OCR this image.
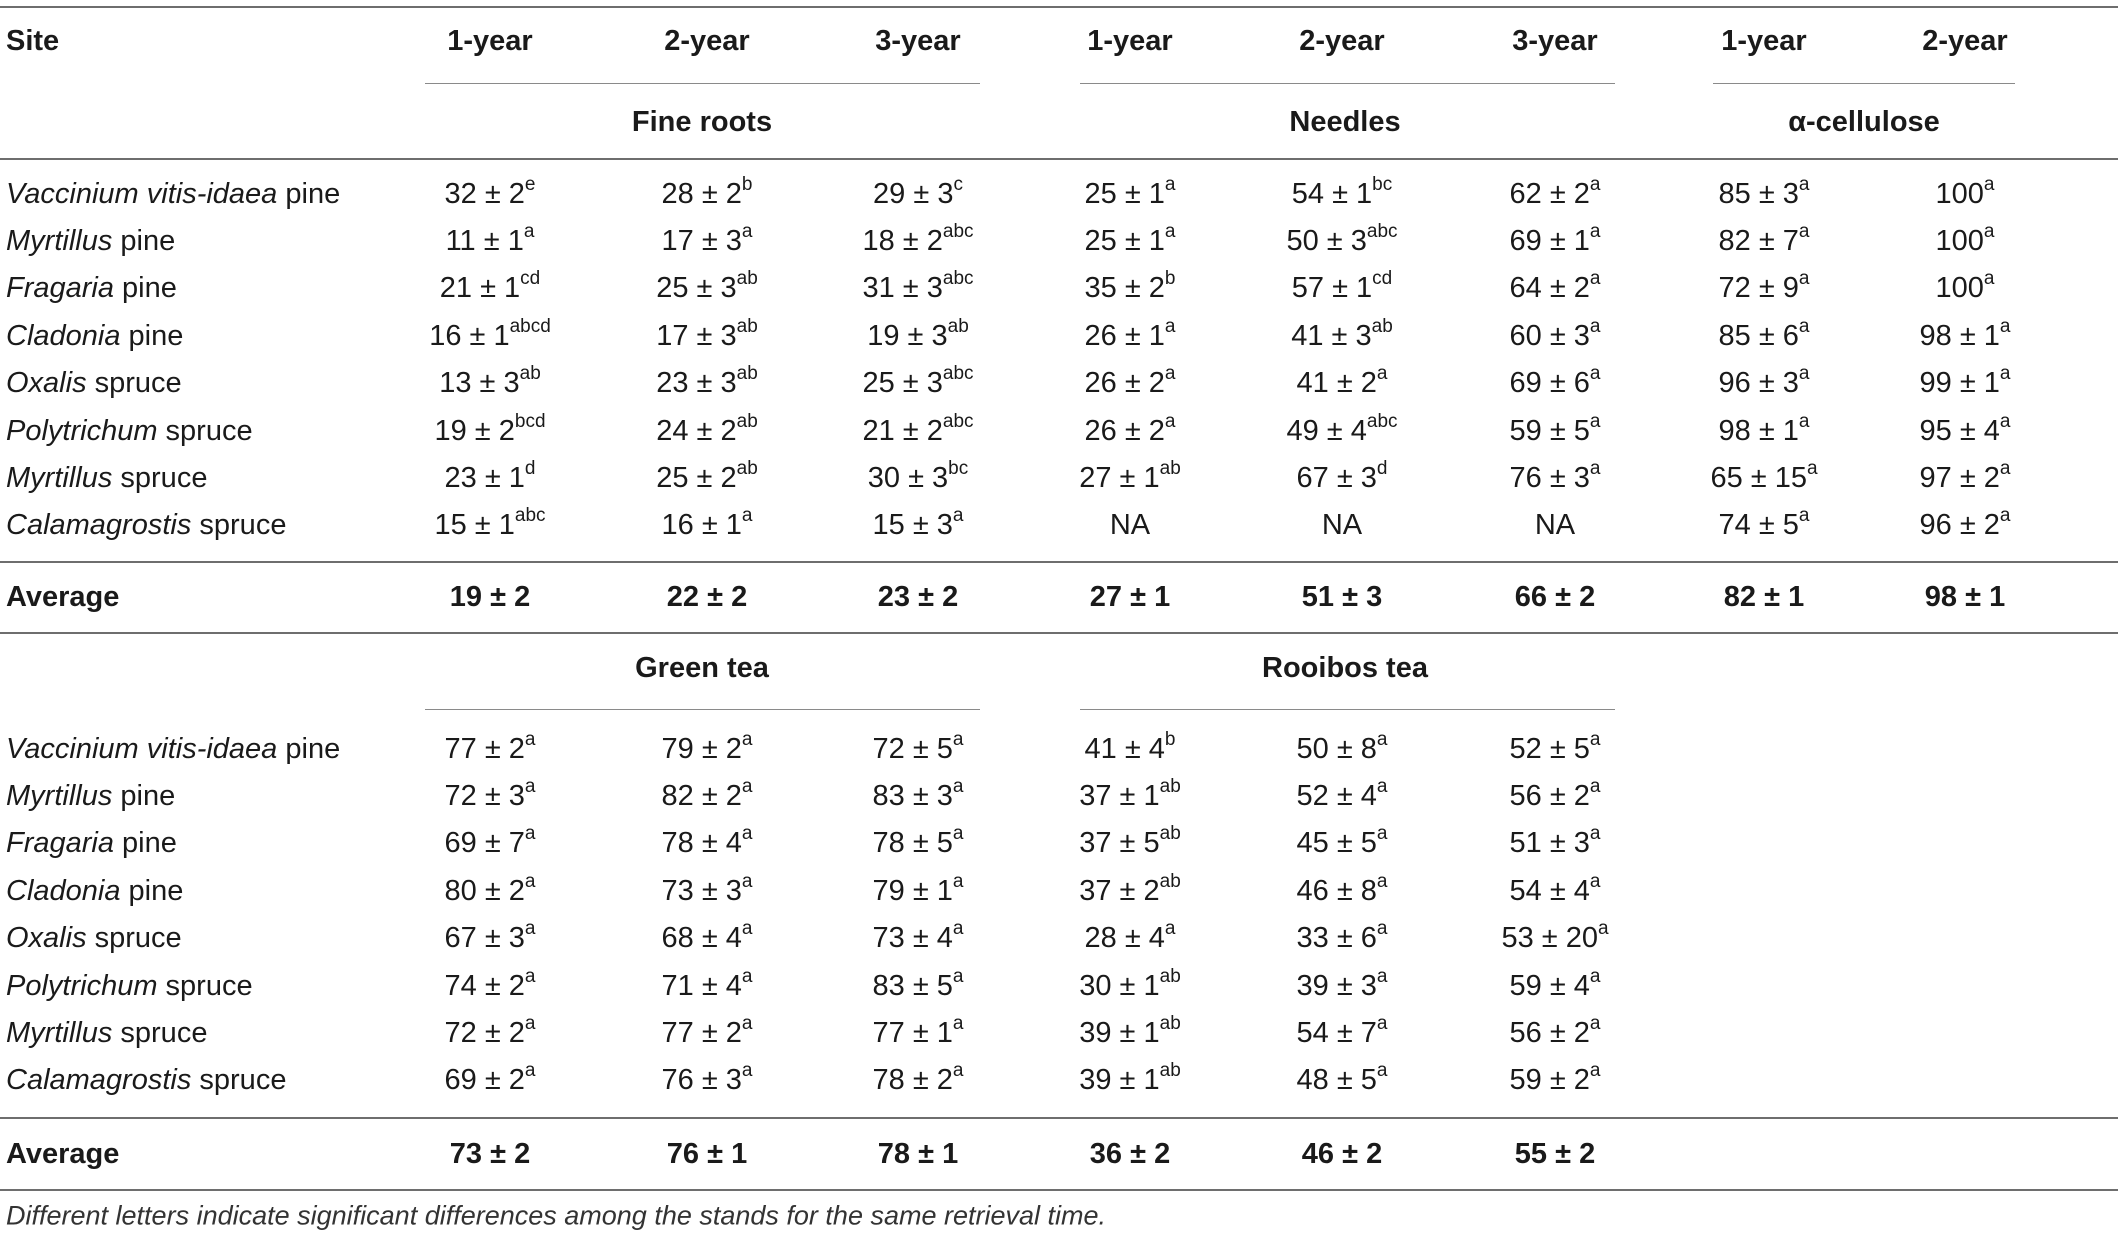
Site	1-year	2-year	3-year	1-year	2-year	3-year	1-year	2-year
Fine roots	Needles	α-cellulose
Vaccinium vitis-idaea pine	$32 \pm 2^e$	$28 \pm 2^b$	$29 \pm 3^c$	$25 \pm 1^a$	$54 \pm 1^{bc}$	$62 \pm 2^a$	$85 \pm 3^a$	100$^a$
Myrtillus pine	$11 \pm 1^a$	$17 \pm 3^a$	$18 \pm 2^{abc}$	$25 \pm 1^a$	$50 \pm 3^{abc}$	$69 \pm 1^a$	$82 \pm 7^a$	100$^a$
Fragaria pine	$21 \pm 1^{cd}$	$25 \pm 3^{ab}$	$31 \pm 3^{abc}$	$35 \pm 2^b$	$57 \pm 1^{cd}$	$64 \pm 2^a$	$72 \pm 9^a$	100$^a$
Cladonia pine	$16 \pm 1^{abcd}$	$17 \pm 3^{ab}$	$19 \pm 3^{ab}$	$26 \pm 1^a$	$41 \pm 3^{ab}$	$60 \pm 3^a$	$85 \pm 6^a$	$98 \pm 1^a$
Oxalis spruce	$13 \pm 3^{ab}$	$23 \pm 3^{ab}$	$25 \pm 3^{abc}$	$26 \pm 2^a$	$41 \pm 2^a$	$69 \pm 6^a$	$96 \pm 3^a$	$99 \pm 1^a$
Polytrichum spruce	$19 \pm 2^{bcd}$	$24 \pm 2^{ab}$	$21 \pm 2^{abc}$	$26 \pm 2^a$	$49 \pm 4^{abc}$	$59 \pm 5^a$	$98 \pm 1^a$	$95 \pm 4^a$
Myrtillus spruce	$23 \pm 1^d$	$25 \pm 2^{ab}$	$30 \pm 3^{bc}$	$27 \pm 1^{ab}$	$67 \pm 3^d$	$76 \pm 3^a$	$65 \pm 15^a$	$97 \pm 2^a$
Calamagrostis spruce	$15 \pm 1^{abc}$	$16 \pm 1^a$	$15 \pm 3^a$	NA	NA	NA	$74 \pm 5^a$	$96 \pm 2^a$
Average	19 ± 2	22 ± 2	23 ± 2	27 ± 1	51 ± 3	66 ± 2	82 ± 1	98 ± 1
Green tea	Rooibos tea
Vaccinium vitis-idaea pine	$77 \pm 2^a$	$79 \pm 2^a$	$72 \pm 5^a$	$41 \pm 4^b$	$50 \pm 8^a$	$52 \pm 5^a$
Myrtillus pine	$72 \pm 3^a$	$82 \pm 2^a$	$83 \pm 3^a$	$37 \pm 1^{ab}$	$52 \pm 4^a$	$56 \pm 2^a$
Fragaria pine	$69 \pm 7^a$	$78 \pm 4^a$	$78 \pm 5^a$	$37 \pm 5^{ab}$	$45 \pm 5^a$	$51 \pm 3^a$
Cladonia pine	$80 \pm 2^a$	$73 \pm 3^a$	$79 \pm 1^a$	$37 \pm 2^{ab}$	$46 \pm 8^a$	$54 \pm 4^a$
Oxalis spruce	$67 \pm 3^a$	$68 \pm 4^a$	$73 \pm 4^a$	$28 \pm 4^a$	$33 \pm 6^a$	$53 \pm 20^a$
Polytrichum spruce	$74 \pm 2^a$	$71 \pm 4^a$	$83 \pm 5^a$	$30 \pm 1^{ab}$	$39 \pm 3^a$	$59 \pm 4^a$
Myrtillus spruce	$72 \pm 2^a$	$77 \pm 2^a$	$77 \pm 1^a$	$39 \pm 1^{ab}$	$54 \pm 7^a$	$56 \pm 2^a$
Calamagrostis spruce	$69 \pm 2^a$	$76 \pm 3^a$	$78 \pm 2^a$	$39 \pm 1^{ab}$	$48 \pm 5^a$	$59 \pm 2^a$
Average	73 ± 2	76 ± 1	78 ± 1	36 ± 2	46 ± 2	55 ± 2
Different letters indicate significant differences among the stands for the same retrieval time.
